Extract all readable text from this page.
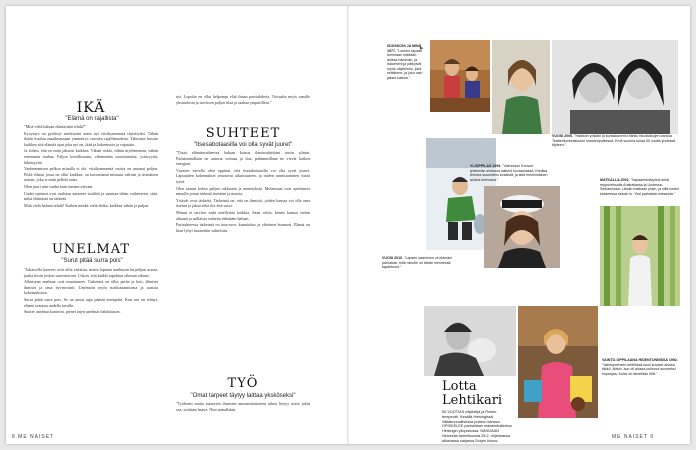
IKÄ
"Elämä on rajallista"

"Mitä vielä haluan elämästäni tehdä?"

Kysymys on pyörinyt mielessäni aasin nyt viisikymmentä täytettyäni. Tähän ikään kuuluu maailmassaan ymmärrys vuosien rajallisuudesta. Tahtoisin kuvata kaikkea sitä elämää ajan joka nyt on, ikää ja kokemusta ja vapautta.

Ja siihen, että en enää jaksaisi kaikkea. Vähän riskiä, vähän myöhemmin, vähän enemmän rauhaa. Paljon kiitollisuutta, vähemmän suorittamista, ystävyyttä, läheisyyttä.

Vanhenemisen pelkoa minulla ei ole, viisikymmentä vuotta on antanut paljon. Pitkä elämä, jossa on ollut kaikkea, on kasvattanut minusta vahvan ja itsenäisen naisen, joka ei enää pelkää uutta.

Olen juuri niin vanha kuin tunnen olevani.

Uudet opinnot ovat osaltaan antaneet sisältöä ja suuntaa tähän vaiheeseen, siitä, mikä elämässä on tärkeää.

Mitä vielä haluan tehdä? Kaiken minkä vielä ehdin, kaikkea vähän ja paljon.

UNELMAT
"Surut pitää surra pois"

"Jokaisella haaveet ovat ollut erilaisia, mutta lapsena unelmoin kirjailijan urasta, jonka tiesin joskus saavuttavani. Uskon, että kaikki tapahtuu oikeaan aikaan.

Aikuisena unelmat ovat muuttuneet. Tärkeintä on ollut perhe ja koti, läheiset ihmiset ja oma hyvinvointi. Unelmoin myös matkustamisesta ja uusista kokemuksista.

Surut pitää surra pois. Se on ainoa tapa päästä eteenpäin. Kun sen on tehnyt, elämä avautuu uudella tavalla.

Suuret unelmat kantavat, pienet arjen unelmat ilahduttavat.

työ. Lopulta en ollut helpompi elää ilman parisuhdetta. Toisaalta myös sanalle yksinolosta ja tarvitsen paljon tilaa ja rauhaa ympärilleni."

SUHTEET
"Itsesabotaasilla voi olla syvät juuret"

"Tässä elämänvaiheessa haluan katsoa ihmissuhteitani uusin silmin. Parhaimmillaan ne antavat voimaa ja iloa, pahimmillaan ne vievät kaiken energian.

Vuosien varrella olen oppinut, että itsesabotaasilla voi olla syvät juuret. Lapsuuden kokemukset seuraavat aikuisuuteen, ja niiden tunnistaminen vaatii työtä.

Olen saanut kokea paljon rakkautta ja menetyksiä. Molemmat ovat opettaneet minulle jotain tärkeää itsestäni ja muista.

Ystävät ovat tärkeitä. Tärkeintä on, että on ihmisiä, joiden kanssa voi olla oma itsensä ja jakaa sekä ilot että surut.

Minun ei tarvitse enää miellyttää kaikkia. Saan valita, kenen kanssa vietän aikaani ja millaisia suhteita elämääni haluan.

Parisuhteessa tärkeintä on tasa-arvo, kunnioitus ja yhteinen huumori. Elämä on liian lyhyt huonoihin suhteisiin.

TYÖ
"Omat tarpeet täytyy laittaa yksköseksi"

"Työkseni muita auttavien ihmisten ammattitaitoinen tukea löytyy usein jokin osa, sisäinen haava. Niin minullakin.

8 ME NAISET
ISOISKONI JA MINÄ 1977. "Lomme tapaan tummaan mäiskän anissa hämmän, ja Isäoimeni ja pätkyivät myös näytelmiin, joita esittimme, ja joku vain jaksoi katsoa."
▸
VUOSI 2000. "Halkean yöstäni ja kurssikaverini Minttu Muotiaikojen kanssa Teatterikorkeakoulun maisteriputkessa. Emä vuonna tuliaa 50 vuotta yhdessä täyteen."
YLIOPPILAS 1994. "Vaimoisun Kouvon lyhimmän ehdossa lakkeni kuvaamassa. Kreikka tekoiva suunnitelu kesäistä, ja siitä ensimmäinen aloitus kerhossa."	MATKALLA 2002. "Vapaaehtoistyönä sekä reppureissulla Australiassa ja Uudessa-Seelannissa. Lähdin matkaan yksin, ja sillä tuulen tuiskeessa sekoin lu. Yksi parhaista reissuista."
VUOSI 2010. "Lapsen saaminen oli elämäni parhaista, mitä minulle on tähän mennessä tapahtunut."
VAINTO-OPPILAANA HIDENTUNNISSA 1992. "Vaihtoperheen keittiössä kuuli kuvaan alussa täkkö, kiitkin, kun oli alussa puhunut suomeksi espanjaa. Koira oli nimeltään Kitti."
Lotta
Lehtikari
50-VUOTIAS näyttelijä ja Rosen-terapeutti. Kesällä Helsingissä Valtakunnallisessa puiston kanssa. OPISKELEE parhaillaan maisteritutkintoa Helsingin yliopistossa. NÄHDÄÄN Nelosella tammikuusta 28.2. ohjelmassa alkavassa sarjassa Surjen kirous.
ME NAISET 9
